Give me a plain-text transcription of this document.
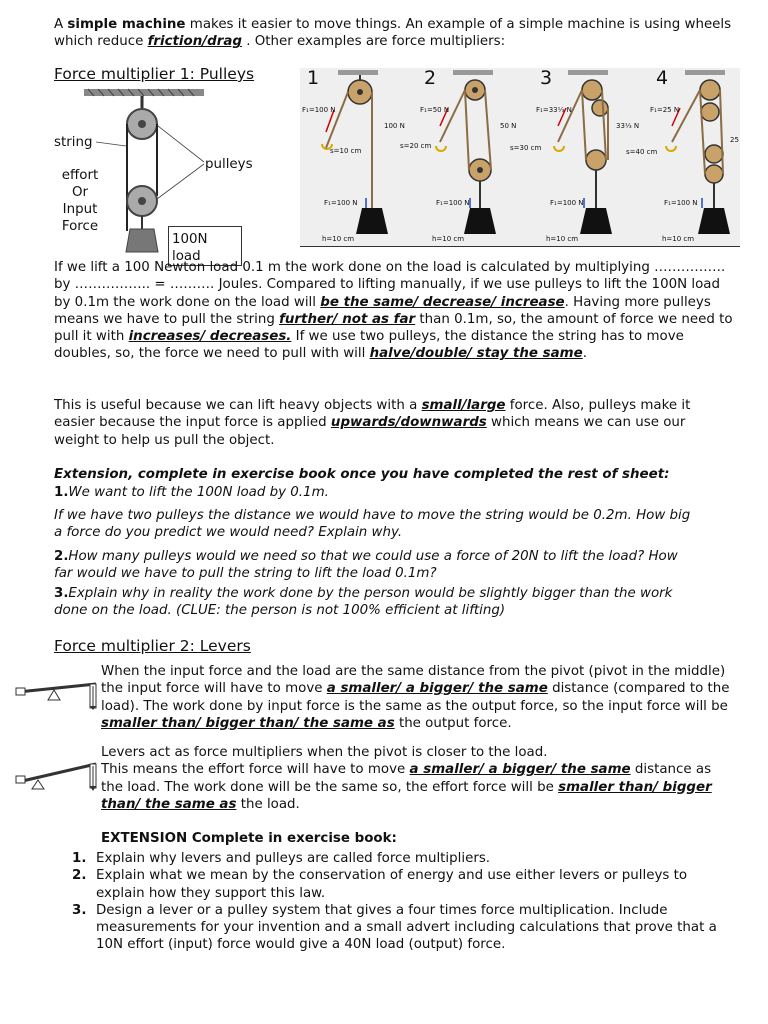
A simple machine makes it easier to move things. An example of a simple machine is using wheels which reduce friction/drag . Other examples are force multipliers:
Force multiplier 1: Pulleys
string
pulleys
effort
Or
Input
Force
100N
load
1	2	3	4
F₁=100 N	F₁=50 N	F₁=33⅓ N	F₁=25 N
100 N	50 N	33⅓ N
25
s=10 cm
s=20 cm	s=30 cm	s=40 cm
F₁=100 N	F₁=100 N	F₁=100 N	F₁=100 N
h=10 cm	h=10 cm	h=10 cm	h=10 cm
If we lift a 100 Newton load 0.1 m the work done on the load is calculated by multiplying ……………. by …………….. = ………. Joules. Compared to lifting manually, if we use pulleys to lift the 100N load by 0.1m the work done on the load will be the same/ decrease/ increase. Having more pulleys means we have to pull the string further/ not as far than 0.1m, so, the amount of force we need to pull it with increases/ decreases. If we use two pulleys, the distance the string has to move doubles, so, the force we need to pull with will halve/double/ stay the same.
This is useful because we can lift heavy objects with a small/large force. Also, pulleys make it easier because the input force is applied upwards/downwards which means we can use our weight to help us pull the object.
Extension, complete in exercise book once you have completed the rest of sheet:
1.We want to lift the 100N load by 0.1m.
If we have two pulleys the distance we would have to move the string would be 0.2m. How big a force do you predict we would need? Explain why.
2.How many pulleys would we need so that we could use a force of 20N to lift the load? How far would we have to pull the string to lift the load 0.1m?
3.Explain why in reality the work done by the person would be slightly bigger than the work done on the load. (CLUE: the person is not 100% efficient at lifting)
Force multiplier 2: Levers
When the input force and the load are the same distance from the pivot (pivot in the middle) the input force will have to move a smaller/ a bigger/ the same distance (compared to the load). The work done by input force is the same as the output force, so the input force will be smaller than/ bigger than/ the same as the output force.
Levers act as force multipliers when the pivot is closer to the load.
This means the effort force will have to move a smaller/ a bigger/ the same distance as the load. The work done will be the same so, the effort force will be smaller than/ bigger than/ the same as the load.
EXTENSION Complete in exercise book:
1. Explain why levers and pulleys are called force multipliers.
2. Explain what we mean by the conservation of energy and use either levers or pulleys to explain how they support this law.
3. Design a lever or a pulley system that gives a four times force multiplication. Include measurements for your invention and a small advert including calculations that prove that a 10N effort (input) force would give a 40N load (output) force.
